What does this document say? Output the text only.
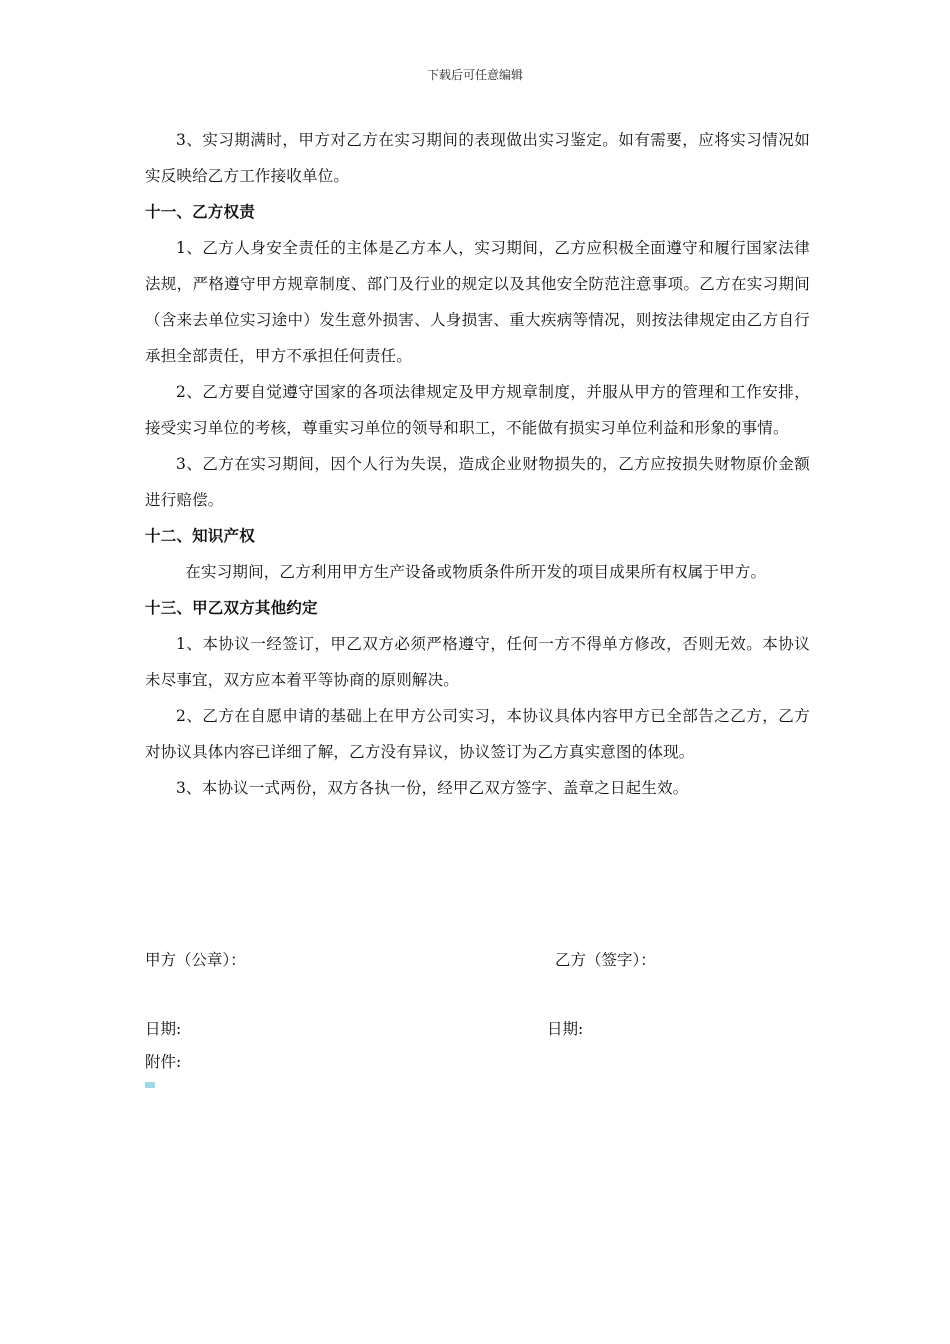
下载后可任意编辑

3、实习期满时，甲方对乙方在实习期间的表现做出实习鉴定。如有需要，应将实习情况如实反映给乙方工作接收单位。

十一、乙方权责

1、乙方人身安全责任的主体是乙方本人，实习期间，乙方应积极全面遵守和履行国家法律法规，严格遵守甲方规章制度、部门及行业的规定以及其他安全防范注意事项。乙方在实习期间（含来去单位实习途中）发生意外损害、人身损害、重大疾病等情况，则按法律规定由乙方自行承担全部责任，甲方不承担任何责任。

2、乙方要自觉遵守国家的各项法律规定及甲方规章制度，并服从甲方的管理和工作安排，接受实习单位的考核，尊重实习单位的领导和职工，不能做有损实习单位利益和形象的事情。

3、乙方在实习期间，因个人行为失误，造成企业财物损失的，乙方应按损失财物原价金额进行赔偿。

十二、知识产权

在实习期间，乙方利用甲方生产设备或物质条件所开发的项目成果所有权属于甲方。

十三、甲乙双方其他约定

1、本协议一经签订，甲乙双方必须严格遵守，任何一方不得单方修改，否则无效。本协议未尽事宜，双方应本着平等协商的原则解决。

2、乙方在自愿申请的基础上在甲方公司实习，本协议具体内容甲方已全部告之乙方，乙方对协议具体内容已详细了解，乙方没有异议，协议签订为乙方真实意图的体现。

3、本协议一式两份，双方各执一份，经甲乙双方签字、盖章之日起生效。

甲方（公章）：	乙方（签字）：
日期:	日期:
附件:
